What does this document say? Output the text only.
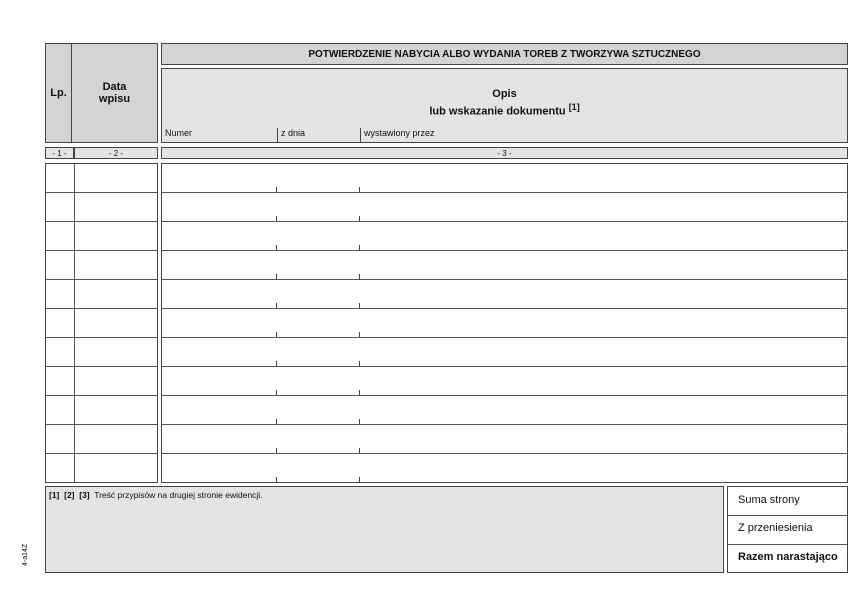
Lp.	Data
wpisu
POTWIERDZENIE NABYCIA ALBO WYDANIA TOREB Z TWORZYWA SZTUCZNEGO
Opis
lub wskazanie dokumentu [1]
Numer	z dnia	wystawiony przez
- 1 -	- 2 -	- 3 -
[1] [2] [3] Treść przypisów na drugiej stronie ewidencji.
4-a14Z
Suma strony
Z przeniesienia
Razem narastająco
